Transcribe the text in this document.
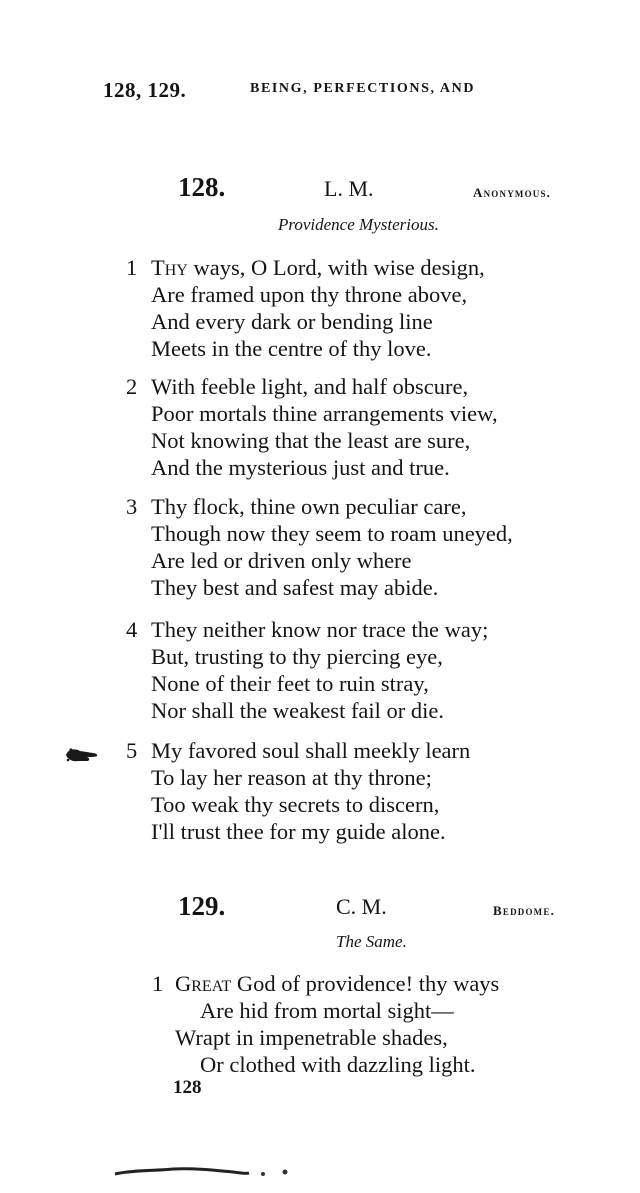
128, 129.	BEING, PERFECTIONS, AND
128.	L. M.	Anonymous.
Providence Mysterious.
1 Thy ways, O Lord, with wise design,
Are framed upon thy throne above,
And every dark or bending line
Meets in the centre of thy love.
2 With feeble light, and half obscure,
Poor mortals thine arrangements view,
Not knowing that the least are sure,
And the mysterious just and true.
3 Thy flock, thine own peculiar care,
Though now they seem to roam uneyed,
Are led or driven only where
They best and safest may abide.
4 They neither know nor trace the way;
But, trusting to thy piercing eye,
None of their feet to ruin stray,
Nor shall the weakest fail or die.
5 My favored soul shall meekly learn
To lay her reason at thy throne;
Too weak thy secrets to discern,
I'll trust thee for my guide alone.
129.	C. M.	Beddome.
The Same.
1 Great God of providence! thy ways
Are hid from mortal sight—
Wrapt in impenetrable shades,
Or clothed with dazzling light.
128
